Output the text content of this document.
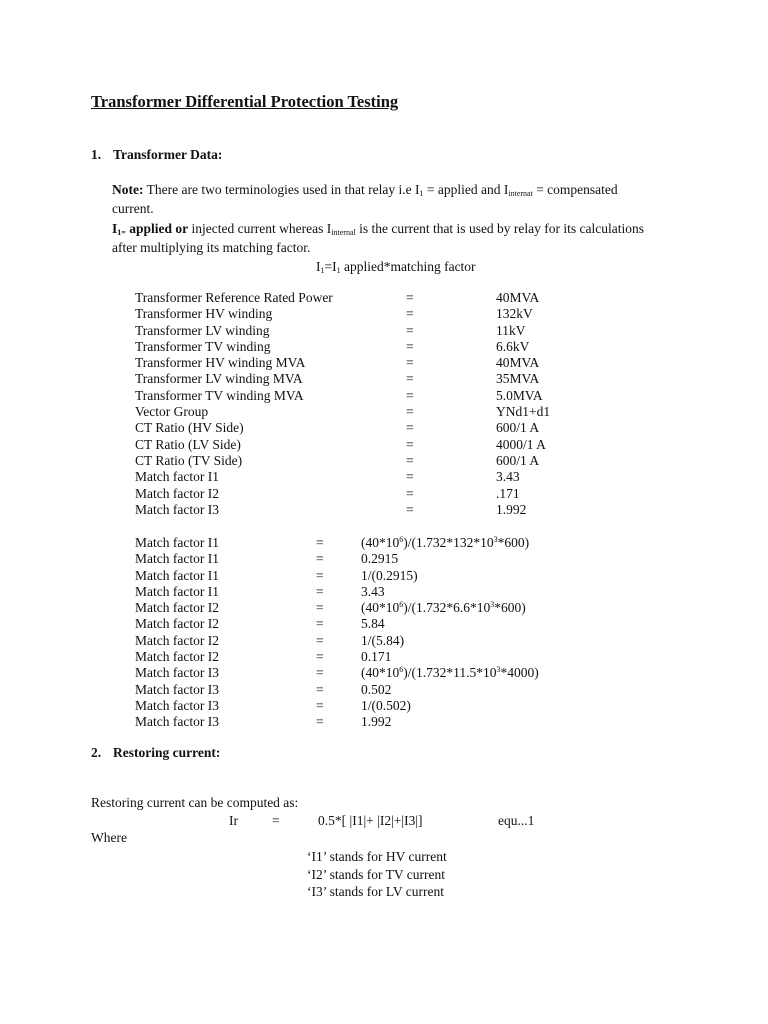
Transformer Differential Protection Testing
1. Transformer Data:
Note: There are two terminologies used in that relay i.e $I_1$ = applied and $I_{internat}$ = compensated
current.
$I_{1=}$ applied or injected current whereas $I_{internal}$ is the current that is used by relay for its calculations
after multiplying its matching factor.
$I_1=I_1$ applied*matching factor
Transformer Reference Rated Power	=	40MVA
Transformer HV winding	=	132kV
Transformer LV winding	=	11kV
Transformer TV winding	=	6.6kV
Transformer HV winding MVA	=	40MVA
Transformer LV winding MVA	=	35MVA
Transformer TV winding MVA	=	5.0MVA
Vector Group	=	YNd1+d1
CT Ratio (HV Side)	=	600/1 A
CT Ratio (LV Side)	=	4000/1 A
CT Ratio (TV Side)	=	600/1 A
Match factor I1	=	3.43
Match factor I2	=	.171
Match factor I3	=	1.992
Match factor I1	=	$(40*10^6)/(1.732*132*10^3*600)$
Match factor I1	=	0.2915
Match factor I1	=	1/(0.2915)
Match factor I1	=	3.43
Match factor I2	=	$(40*10^6)/(1.732*6.6*10^3*600)$
Match factor I2	=	5.84
Match factor I2	=	1/(5.84)
Match factor I2	=	0.171
Match factor I3	=	$(40*10^6)/(1.732*11.5*10^3*4000)$
Match factor I3	=	0.502
Match factor I3	=	1/(0.502)
Match factor I3	=	1.992
2. Restoring current:
Restoring current can be computed as:
Ir	=	0.5*[ |I1|+ |I2|+|I3|]	equ...1
Where
‘I1’ stands for HV current
‘I2’ stands for TV current
‘I3’ stands for LV current
